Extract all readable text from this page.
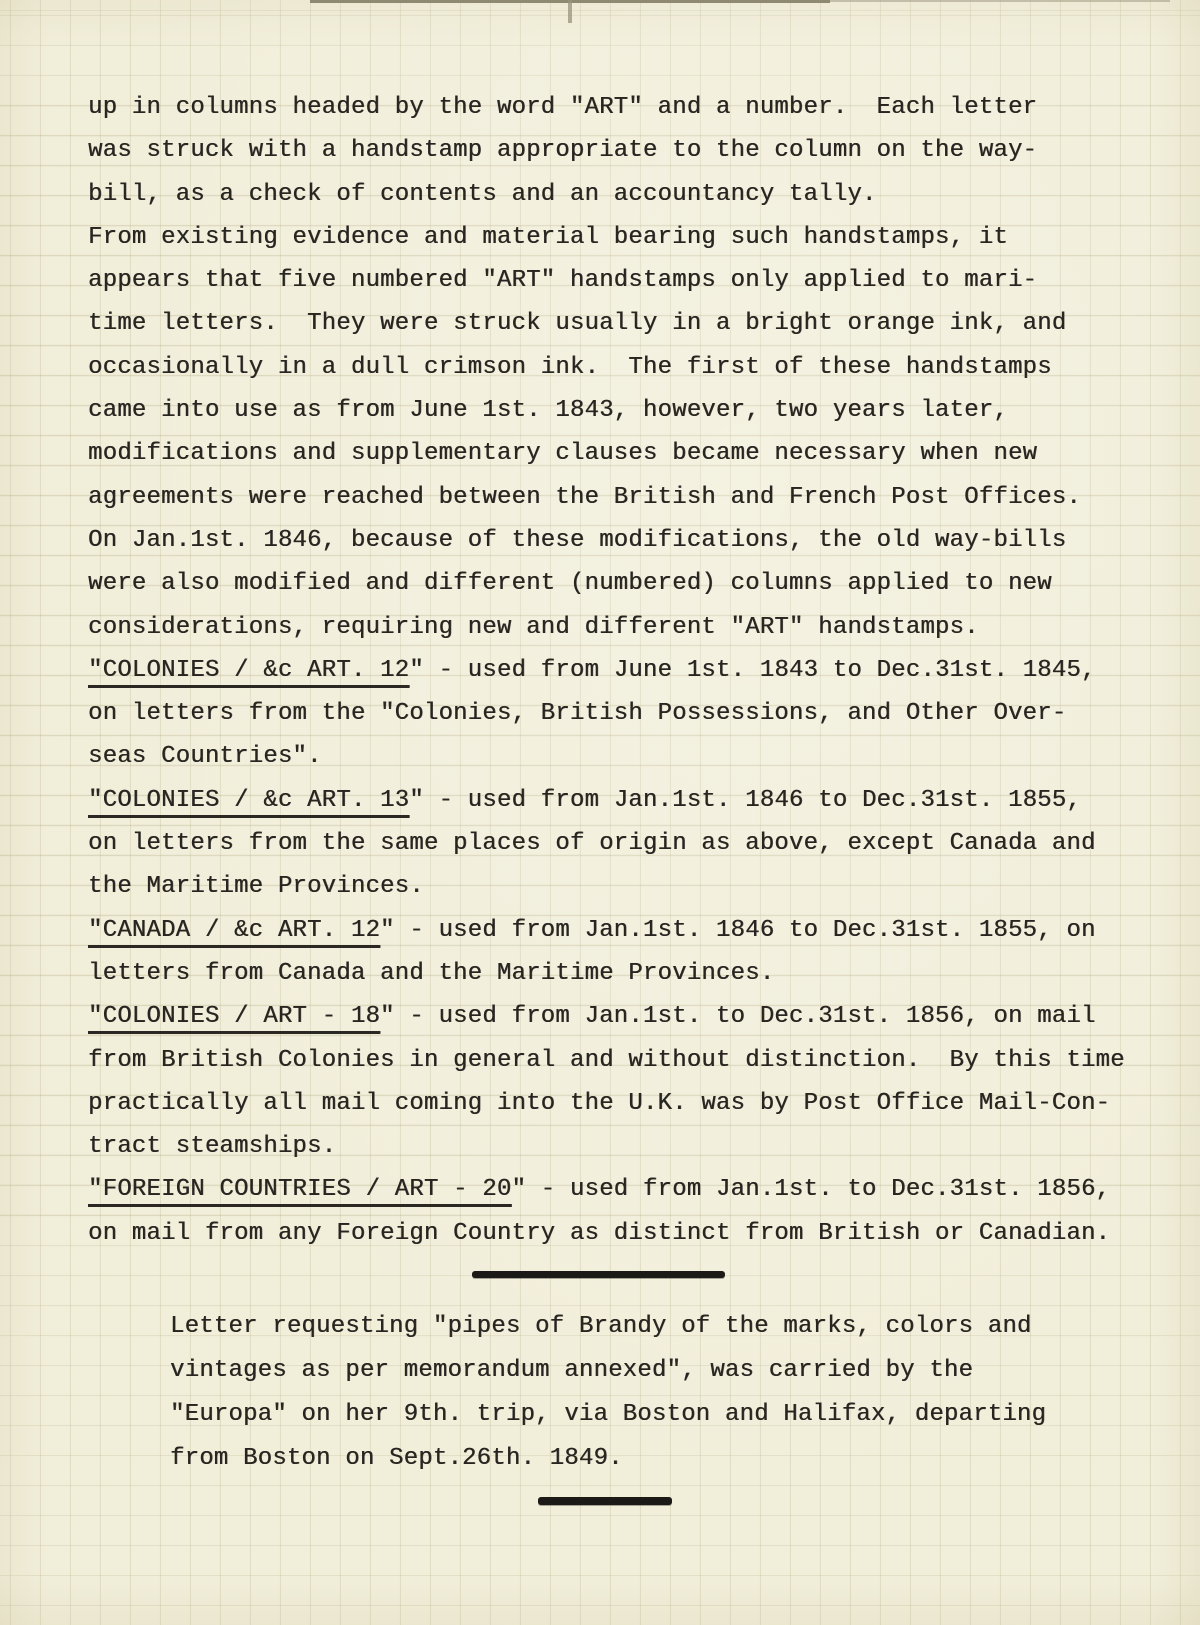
up in columns headed by the word "ART" and a number.  Each letter
was struck with a handstamp appropriate to the column on the way-
bill, as a check of contents and an accountancy tally.
From existing evidence and material bearing such handstamps, it
appears that five numbered "ART" handstamps only applied to mari-
time letters.  They were struck usually in a bright orange ink, and
occasionally in a dull crimson ink.  The first of these handstamps
came into use as from June 1st. 1843, however, two years later,
modifications and supplementary clauses became necessary when new
agreements were reached between the British and French Post Offices.
On Jan.1st. 1846, because of these modifications, the old way-bills
were also modified and different (numbered) columns applied to new
considerations, requiring new and different "ART" handstamps.
"COLONIES / &c ART. 12" - used from June 1st. 1843 to Dec.31st. 1845,
on letters from the "Colonies, British Possessions, and Other Over-
seas Countries".
"COLONIES / &c ART. 13" - used from Jan.1st. 1846 to Dec.31st. 1855,
on letters from the same places of origin as above, except Canada and
the Maritime Provinces.
"CANADA / &c ART. 12" - used from Jan.1st. 1846 to Dec.31st. 1855, on
letters from Canada and the Maritime Provinces.
"COLONIES / ART - 18" - used from Jan.1st. to Dec.31st. 1856, on mail
from British Colonies in general and without distinction.  By this time
practically all mail coming into the U.K. was by Post Office Mail-Con-
tract steamships.
"FOREIGN COUNTRIES / ART - 20" - used from Jan.1st. to Dec.31st. 1856,
on mail from any Foreign Country as distinct from British or Canadian.
Letter requesting "pipes of Brandy of the marks, colors and
vintages as per memorandum annexed", was carried by the
"Europa" on her 9th. trip, via Boston and Halifax, departing
from Boston on Sept.26th. 1849.
